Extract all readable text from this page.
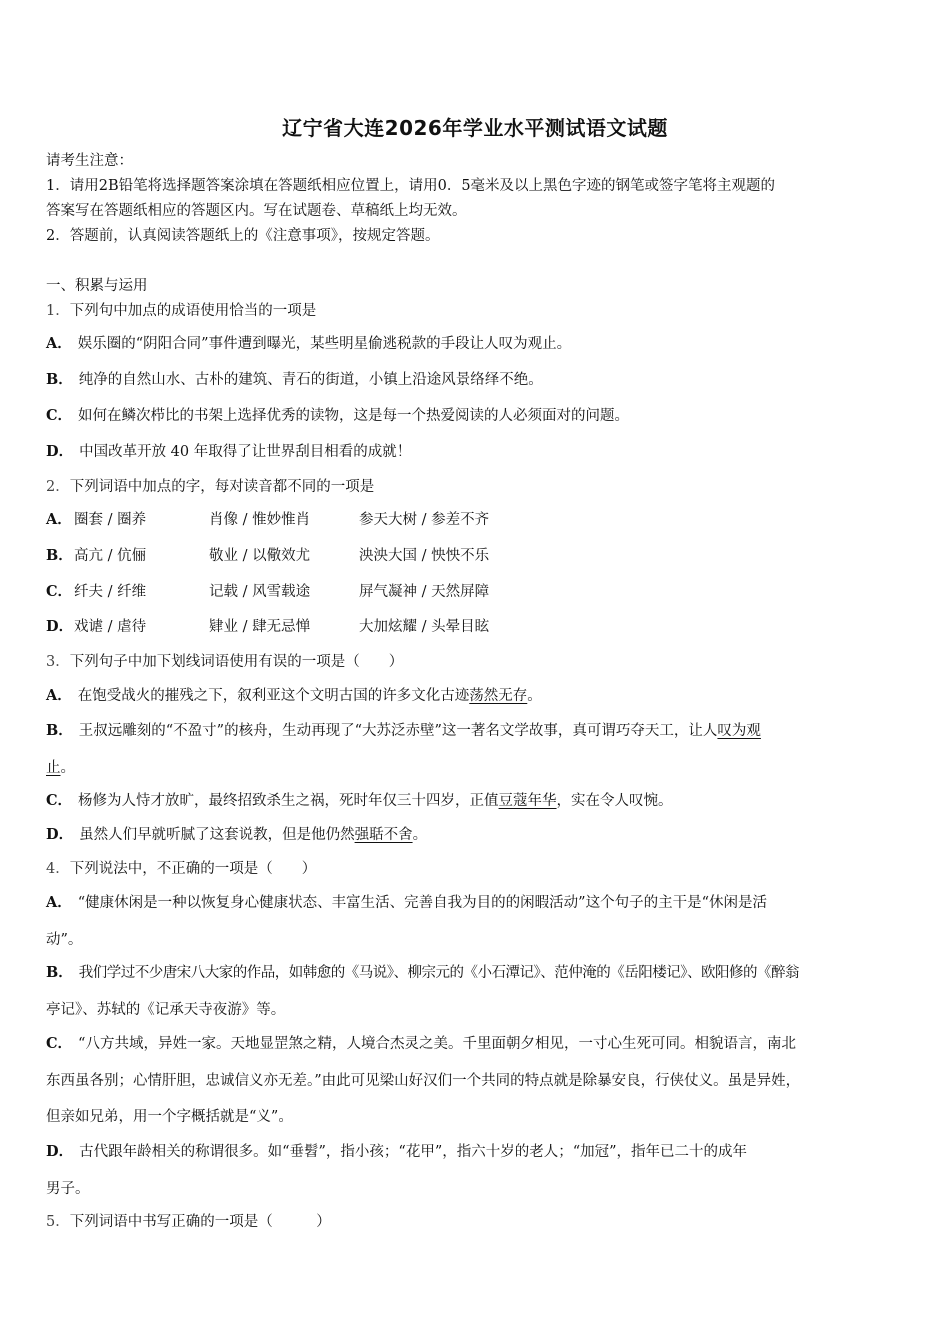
辽宁省大连2026年学业水平测试语文试题
请考生注意：
1．请用2B铅笔将选择题答案涂填在答题纸相应位置上，请用0．5毫米及以上黑色字迹的钢笔或签字笔将主观题的
答案写在答题纸相应的答题区内。写在试题卷、草稿纸上均无效。
2．答题前，认真阅读答题纸上的《注意事项》，按规定答题。
一、积累与运用
1．下列句中加点的成语使用恰当的一项是
A． 娱乐圈的“阴阳合同”事件遭到曝光，某些明星偷逃税款的手段让人叹为观止。
B． 纯净的自然山水、古朴的建筑、青石的街道，小镇上沿途风景络绎不绝。
C． 如何在鳞次栉比的书架上选择优秀的读物，这是每一个热爱阅读的人必须面对的问题。
D． 中国改革开放 40 年取得了让世界刮目相看的成就！
2．下列词语中加点的字，每对读音都不同的一项是
A． 圈套 / 圈养	肖像 / 惟妙惟肖	参天大树 / 参差不齐
B． 高亢 / 伉俪	敬业 / 以儆效尤	泱泱大国 / 怏怏不乐
C． 纤夫 / 纤维	记载 / 风雪载途	屏气凝神 / 天然屏障
D． 戏谑 / 虐待	肄业 / 肆无忌惮	大加炫耀 / 头晕目眩
3．下列句子中加下划线词语使用有误的一项是（　　）
A． 在饱受战火的摧残之下，叙利亚这个文明古国的许多文化古迹荡然无存。
B． 王叔远雕刻的“不盈寸”的核舟，生动再现了“大苏泛赤壁”这一著名文学故事，真可谓巧夺天工，让人叹为观
止。
C． 杨修为人恃才放旷，最终招致杀生之祸，死时年仅三十四岁，正值豆蔻年华，实在令人叹惋。
D． 虽然人们早就听腻了这套说教，但是他仍然强聒不舍。
4．下列说法中，不正确的一项是（　　）
A． “健康休闲是一种以恢复身心健康状态、丰富生活、完善自我为目的的闲暇活动”这个句子的主干是“休闲是活
动”。
B． 我们学过不少唐宋八大家的作品，如韩愈的《马说》、柳宗元的《小石潭记》、范仲淹的《岳阳楼记》、欧阳修的《醉翁
亭记》、苏轼的《记承天寺夜游》等。
C． “八方共域，异姓一家。天地显罡煞之精，人境合杰灵之美。千里面朝夕相见，一寸心生死可同。相貌语言，南北
东西虽各别；心情肝胆，忠诚信义亦无差。”由此可见梁山好汉们一个共同的特点就是除暴安良，行侠仗义。虽是异姓，
但亲如兄弟，用一个字概括就是“义”。
D． 古代跟年龄相关的称谓很多。如“垂髫”，指小孩；“花甲”，指六十岁的老人；“加冠”，指年已二十的成年
男子。
5．下列词语中书写正确的一项是（　　　）
